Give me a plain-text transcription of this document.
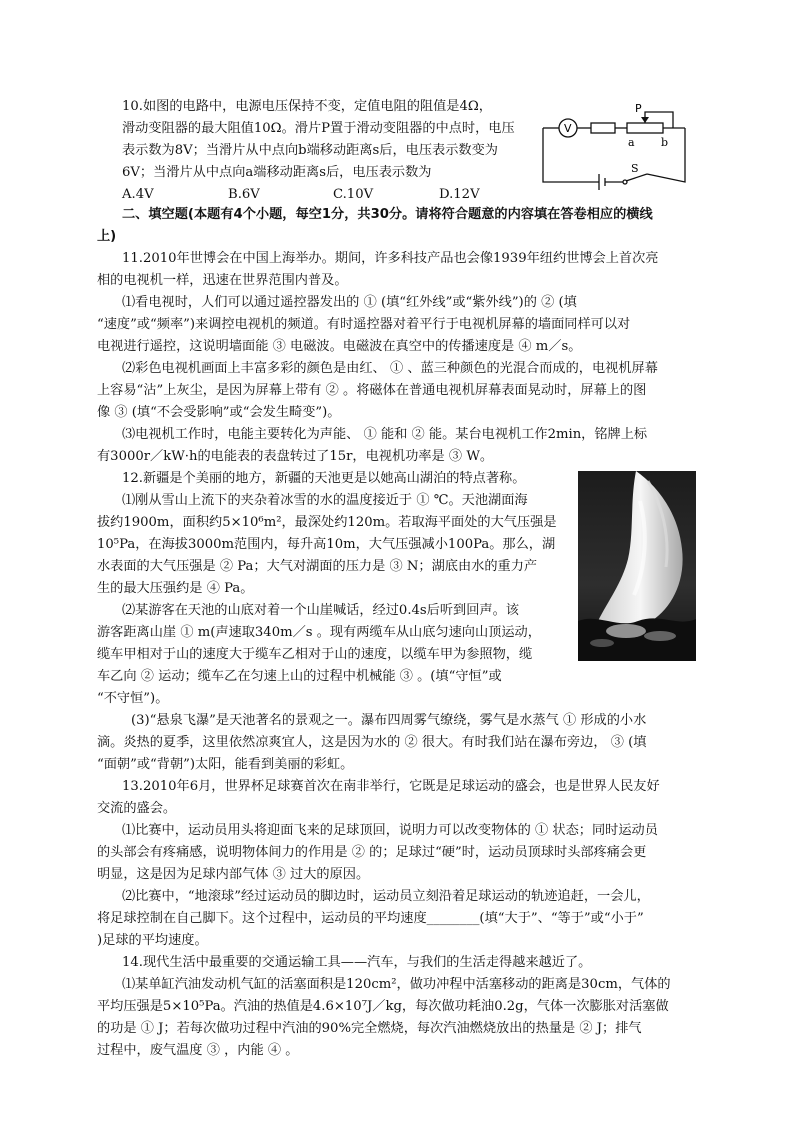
10.如图的电路中，电源电压保持不变，定值电阻的阻值是4Ω，
滑动变阻器的最大阻值10Ω。滑片P置于滑动变阻器的中点时，电压
表示数为8V；当滑片从中点向b端移动距离s后，电压表示数变为
6V；当滑片从中点向a端移动距离s后，电压表示数为
A.4V	B.6V	C.10V	D.12V
V
P
a b
S
二、填空题(本题有4个小题，每空1分，共30分。请将符合题意的内容填在答卷相应的横线
上)
11.2010年世博会在中国上海举办。期间，许多科技产品也会像1939年纽约世博会上首次亮
相的电视机一样，迅速在世界范围内普及。
⑴看电视时，人们可以通过遥控器发出的 ① (填“红外线”或“紫外线”)的 ② (填
“速度”或“频率”)来调控电视机的频道。有时遥控器对着平行于电视机屏幕的墙面同样可以对
电视进行遥控，这说明墙面能 ③ 电磁波。电磁波在真空中的传播速度是 ④ m／s。
⑵彩色电视机画面上丰富多彩的颜色是由红、 ① 、蓝三种颜色的光混合而成的，电视机屏幕
上容易“沾”上灰尘，是因为屏幕上带有 ② 。将磁体在普通电视机屏幕表面晃动时，屏幕上的图
像 ③ (填“不会受影响”或“会发生畸变”)。
⑶电视机工作时，电能主要转化为声能、 ① 能和 ② 能。某台电视机工作2min，铭牌上标
有3000r／kW·h的电能表的表盘转过了15r，电视机功率是 ③ W。
12.新疆是个美丽的地方，新疆的天池更是以她高山湖泊的特点著称。
⑴刚从雪山上流下的夹杂着冰雪的水的温度接近于 ① ℃。天池湖面海
拔约1900m，面积约5×10⁶m²，最深处约120m。若取海平面处的大气压强是
10⁵Pa，在海拔3000m范围内，每升高10m，大气压强减小100Pa。那么，湖
水表面的大气压强是 ② Pa；大气对湖面的压力是 ③ N；湖底由水的重力产
生的最大压强约是 ④ Pa。
⑵某游客在天池的山底对着一个山崖喊话，经过0.4s后听到回声。该
游客距离山崖 ① m(声速取340m／s 。现有两缆车从山底匀速向山顶运动，
缆车甲相对于山的速度大于缆车乙相对于山的速度，以缆车甲为参照物，缆
车乙向 ② 运动；缆车乙在匀速上山的过程中机械能 ③ 。(填“守恒”或
“不守恒”)。
(3)“悬泉飞瀑”是天池著名的景观之一。瀑布四周雾气缭绕，雾气是水蒸气 ① 形成的小水
滴。炎热的夏季，这里依然凉爽宜人，这是因为水的 ② 很大。有时我们站在瀑布旁边， ③ (填
“面朝”或“背朝”)太阳，能看到美丽的彩虹。
13.2010年6月，世界杯足球赛首次在南非举行，它既是足球运动的盛会，也是世界人民友好
交流的盛会。
⑴比赛中，运动员用头将迎面飞来的足球顶回，说明力可以改变物体的 ① 状态；同时运动员
的头部会有疼痛感，说明物体间力的作用是 ② 的；足球过“硬”时，运动员顶球时头部疼痛会更
明显，这是因为足球内部气体 ③ 过大的原因。
⑵比赛中，“地滚球”经过运动员的脚边时，运动员立刻沿着足球运动的轨迹追赶，一会儿，
将足球控制在自己脚下。这个过程中，运动员的平均速度________(填“大于”、“等于”或“小于”
)足球的平均速度。
14.现代生活中最重要的交通运输工具——汽车，与我们的生活走得越来越近了。
⑴某单缸汽油发动机气缸的活塞面积是120cm²，做功冲程中活塞移动的距离是30cm，气体的
平均压强是5×10⁵Pa。汽油的热值是4.6×10⁷J／kg，每次做功耗油0.2g，气体一次膨胀对活塞做
的功是 ① J；若每次做功过程中汽油的90%完全燃烧，每次汽油燃烧放出的热量是 ② J；排气
过程中，废气温度 ③ ，内能 ④ 。
